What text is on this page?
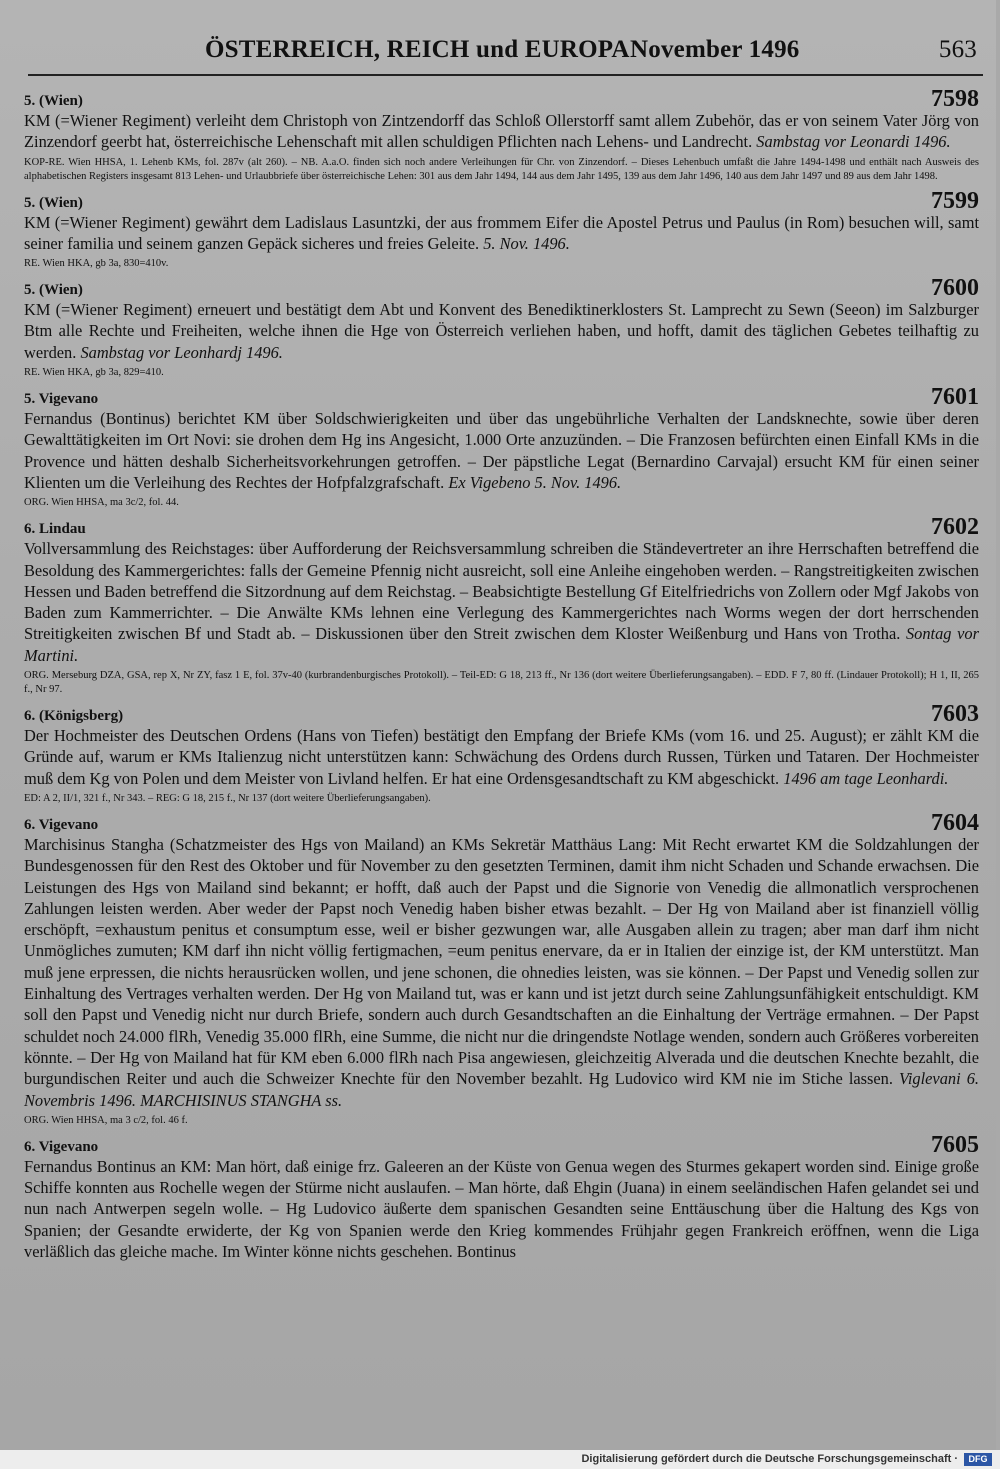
ÖSTERREICH, REICH und EUROPA November 1496	563
5. (Wien)	7598

KM (=Wiener Regiment) verleiht dem Christoph von Zintzendorff das Schloß Ollerstorff samt allem Zubehör, das er von seinem Vater Jörg von Zinzendorf geerbt hat, österreichische Lehenschaft mit allen schuldigen Pflichten nach Lehens- und Landrecht. Sambstag vor Leonardi 1496.

KOP-RE. Wien HHSA, 1. Lehenb KMs, fol. 287v (alt 260). – NB. A.a.O. finden sich noch andere Verleihungen für Chr. von Zinzendorf. – Dieses Lehenbuch umfaßt die Jahre 1494-1498 und enthält nach Ausweis des alphabetischen Registers insgesamt 813 Lehen- und Urlaubbriefe über österreichische Lehen: 301 aus dem Jahr 1494, 144 aus dem Jahr 1495, 139 aus dem Jahr 1496, 140 aus dem Jahr 1497 und 89 aus dem Jahr 1498.

5. (Wien)	7599

KM (=Wiener Regiment) gewährt dem Ladislaus Lasuntzki, der aus frommem Eifer die Apostel Petrus und Paulus (in Rom) besuchen will, samt seiner familia und seinem ganzen Gepäck sicheres und freies Geleite. 5. Nov. 1496.

RE. Wien HKA, gb 3a, 830=410v.

5. (Wien)	7600

KM (=Wiener Regiment) erneuert und bestätigt dem Abt und Konvent des Benediktinerklosters St. Lamprecht zu Sewn (Seeon) im Salzburger Btm alle Rechte und Freiheiten, welche ihnen die Hge von Österreich verliehen haben, und hofft, damit des täglichen Gebetes teilhaftig zu werden. Sambstag vor Leonhardj 1496.

RE. Wien HKA, gb 3a, 829=410.

5. Vigevano	7601

Fernandus (Bontinus) berichtet KM über Soldschwierigkeiten und über das ungebührliche Verhalten der Landsknechte, sowie über deren Gewalttätigkeiten im Ort Novi: sie drohen dem Hg ins Angesicht, 1.000 Orte anzuzünden. – Die Franzosen befürchten einen Einfall KMs in die Provence und hätten deshalb Sicherheitsvorkehrungen getroffen. – Der päpstliche Legat (Bernardino Carvajal) ersucht KM für einen seiner Klienten um die Verleihung des Rechtes der Hofpfalzgrafschaft. Ex Vigebeno 5. Nov. 1496.

ORG. Wien HHSA, ma 3c/2, fol. 44.

6. Lindau	7602

Vollversammlung des Reichstages: über Aufforderung der Reichsversammlung schreiben die Ständevertreter an ihre Herrschaften betreffend die Besoldung des Kammergerichtes: falls der Gemeine Pfennig nicht ausreicht, soll eine Anleihe eingehoben werden. – Rangstreitigkeiten zwischen Hessen und Baden betreffend die Sitzordnung auf dem Reichstag. – Beabsichtigte Bestellung Gf Eitelfriedrichs von Zollern oder Mgf Jakobs von Baden zum Kammerrichter. – Die Anwälte KMs lehnen eine Verlegung des Kammergerichtes nach Worms wegen der dort herrschenden Streitigkeiten zwischen Bf und Stadt ab. – Diskussionen über den Streit zwischen dem Kloster Weißenburg und Hans von Trotha. Sontag vor Martini.

ORG. Merseburg DZA, GSA, rep X, Nr ZY, fasz 1 E, fol. 37v-40 (kurbrandenburgisches Protokoll). – Teil-ED: G 18, 213 ff., Nr 136 (dort weitere Überlieferungsangaben). – EDD. F 7, 80 ff. (Lindauer Protokoll); H 1, II, 265 f., Nr 97.

6. (Königsberg)	7603

Der Hochmeister des Deutschen Ordens (Hans von Tiefen) bestätigt den Empfang der Briefe KMs (vom 16. und 25. August); er zählt KM die Gründe auf, warum er KMs Italienzug nicht unterstützen kann: Schwächung des Ordens durch Russen, Türken und Tataren. Der Hochmeister muß dem Kg von Polen und dem Meister von Livland helfen. Er hat eine Ordensgesandtschaft zu KM abgeschickt. 1496 am tage Leonhardi.

ED: A 2, II/1, 321 f., Nr 343. – REG: G 18, 215 f., Nr 137 (dort weitere Überlieferungsangaben).

6. Vigevano	7604

Marchisinus Stangha (Schatzmeister des Hgs von Mailand) an KMs Sekretär Matthäus Lang: Mit Recht erwartet KM die Soldzahlungen der Bundesgenossen für den Rest des Oktober und für November zu den gesetzten Terminen, damit ihm nicht Schaden und Schande erwachsen. Die Leistungen des Hgs von Mailand sind bekannt; er hofft, daß auch der Papst und die Signorie von Venedig die allmonatlich versprochenen Zahlungen leisten werden. Aber weder der Papst noch Venedig haben bisher etwas bezahlt. – Der Hg von Mailand aber ist finanziell völlig erschöpft, =exhaustum penitus et consumptum esse, weil er bisher gezwungen war, alle Ausgaben allein zu tragen; aber man darf ihm nicht Unmögliches zumuten; KM darf ihn nicht völlig fertigmachen, =eum penitus enervare, da er in Italien der einzige ist, der KM unterstützt. Man muß jene erpressen, die nichts herausrücken wollen, und jene schonen, die ohnedies leisten, was sie können. – Der Papst und Venedig sollen zur Einhaltung des Vertrages verhalten werden. Der Hg von Mailand tut, was er kann und ist jetzt durch seine Zahlungsunfähigkeit entschuldigt. KM soll den Papst und Venedig nicht nur durch Briefe, sondern auch durch Gesandtschaften an die Einhaltung der Verträge ermahnen. – Der Papst schuldet noch 24.000 flRh, Venedig 35.000 flRh, eine Summe, die nicht nur die dringendste Notlage wenden, sondern auch Größeres vorbereiten könnte. – Der Hg von Mailand hat für KM eben 6.000 flRh nach Pisa angewiesen, gleichzeitig Alverada und die deutschen Knechte bezahlt, die burgundischen Reiter und auch die Schweizer Knechte für den November bezahlt. Hg Ludovico wird KM nie im Stiche lassen. Viglevani 6. Novembris 1496. MARCHISINUS STANGHA ss.

ORG. Wien HHSA, ma 3 c/2, fol. 46 f.

6. Vigevano	7605

Fernandus Bontinus an KM: Man hört, daß einige frz. Galeeren an der Küste von Genua wegen des Sturmes gekapert worden sind. Einige große Schiffe konnten aus Rochelle wegen der Stürme nicht auslaufen. – Man hörte, daß Ehgin (Juana) in einem seeländischen Hafen gelandet sei und nun nach Antwerpen segeln wolle. – Hg Ludovico äußerte dem spanischen Gesandten seine Enttäuschung über die Haltung des Kgs von Spanien; der Gesandte erwiderte, der Kg von Spanien werde den Krieg kommendes Frühjahr gegen Frankreich eröffnen, wenn die Liga verläßlich das gleiche mache. Im Winter könne nichts geschehen. Bontinus

Digitalisierung gefördert durch die Deutsche Forschungsgemeinschaft ·	DFG
